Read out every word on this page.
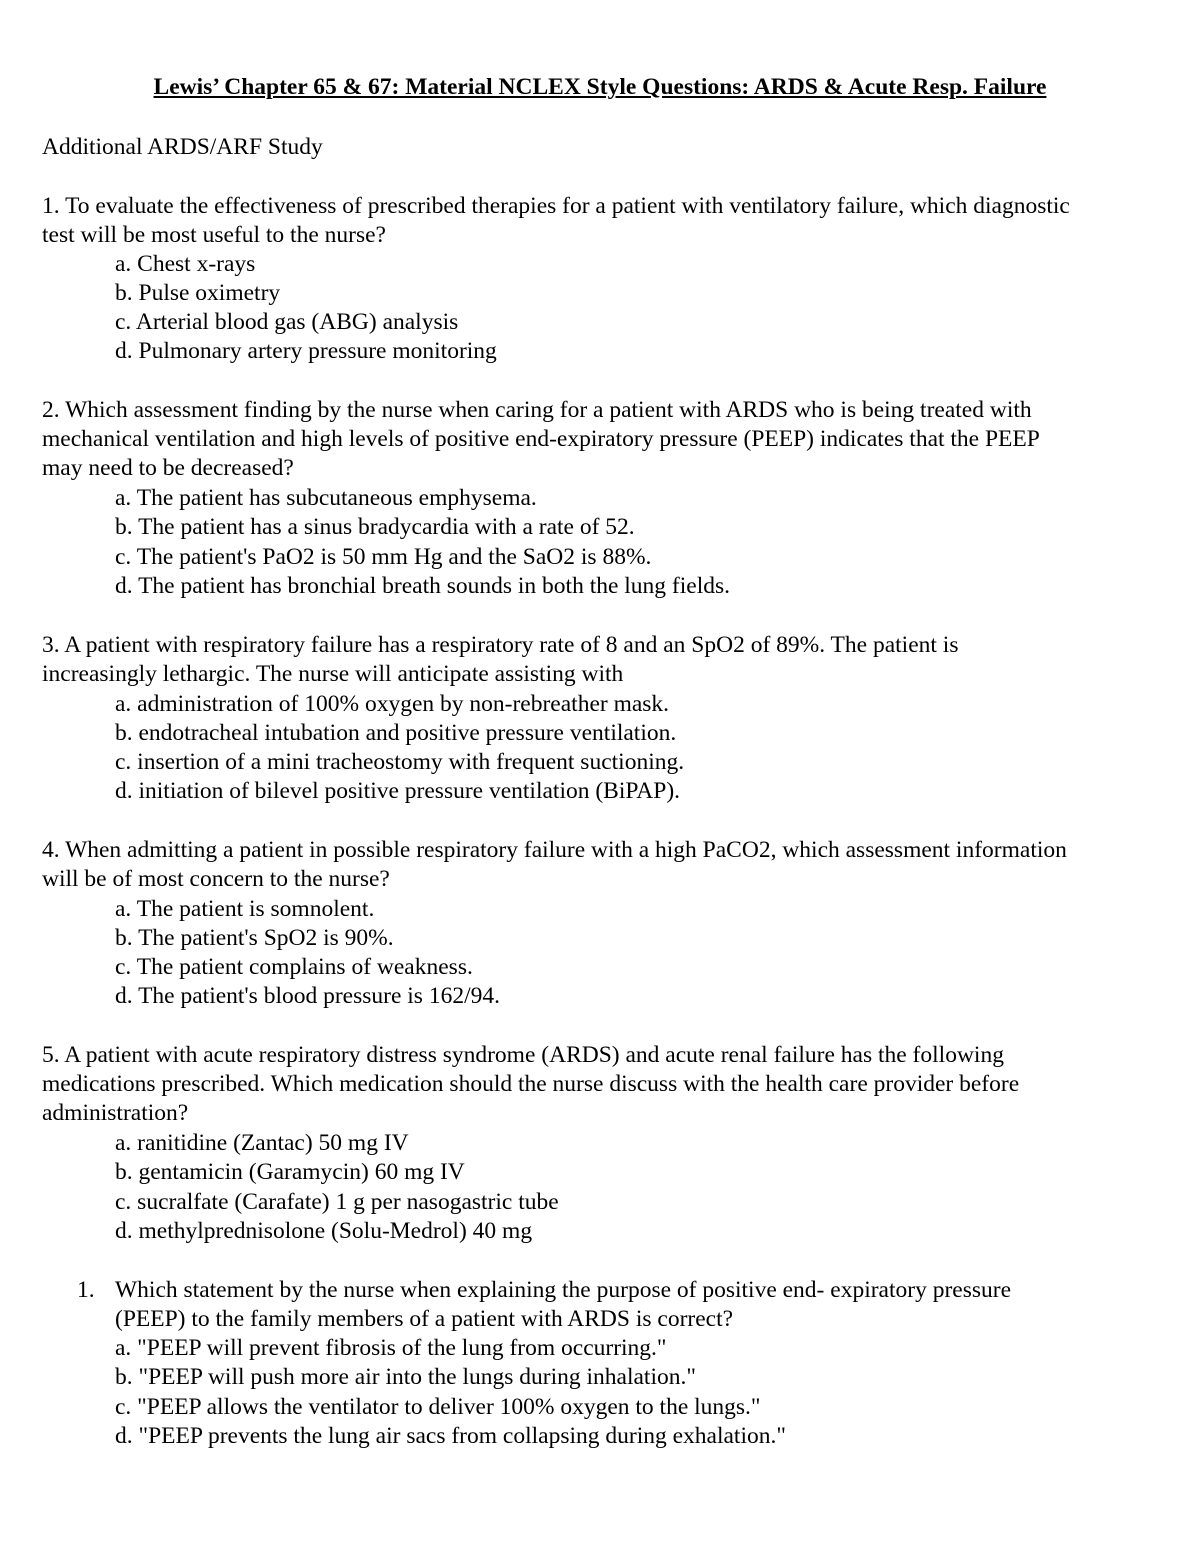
Lewis’ Chapter 65 & 67: Material NCLEX Style Questions: ARDS & Acute Resp. Failure
Additional ARDS/ARF Study
1. To evaluate the effectiveness of prescribed therapies for a patient with ventilatory failure, which diagnostic
test will be most useful to the nurse?
a. Chest x-rays
b. Pulse oximetry
c. Arterial blood gas (ABG) analysis
d. Pulmonary artery pressure monitoring
2. Which assessment finding by the nurse when caring for a patient with ARDS who is being treated with
mechanical ventilation and high levels of positive end-expiratory pressure (PEEP) indicates that the PEEP
may need to be decreased?
a. The patient has subcutaneous emphysema.
b. The patient has a sinus bradycardia with a rate of 52.
c. The patient's PaO2 is 50 mm Hg and the SaO2 is 88%.
d. The patient has bronchial breath sounds in both the lung fields.
3. A patient with respiratory failure has a respiratory rate of 8 and an SpO2 of 89%. The patient is
increasingly lethargic. The nurse will anticipate assisting with
a. administration of 100% oxygen by non-rebreather mask.
b. endotracheal intubation and positive pressure ventilation.
c. insertion of a mini tracheostomy with frequent suctioning.
d. initiation of bilevel positive pressure ventilation (BiPAP).
4. When admitting a patient in possible respiratory failure with a high PaCO2, which assessment information
will be of most concern to the nurse?
a. The patient is somnolent.
b. The patient's SpO2 is 90%.
c. The patient complains of weakness.
d. The patient's blood pressure is 162/94.
5. A patient with acute respiratory distress syndrome (ARDS) and acute renal failure has the following
medications prescribed. Which medication should the nurse discuss with the health care provider before
administration?
a. ranitidine (Zantac) 50 mg IV
b. gentamicin (Garamycin) 60 mg IV
c. sucralfate (Carafate) 1 g per nasogastric tube
d. methylprednisolone (Solu-Medrol) 40 mg
1. Which statement by the nurse when explaining the purpose of positive end- expiratory pressure
(PEEP) to the family members of a patient with ARDS is correct?
a. "PEEP will prevent fibrosis of the lung from occurring."
b. "PEEP will push more air into the lungs during inhalation."
c. "PEEP allows the ventilator to deliver 100% oxygen to the lungs."
d. "PEEP prevents the lung air sacs from collapsing during exhalation."
